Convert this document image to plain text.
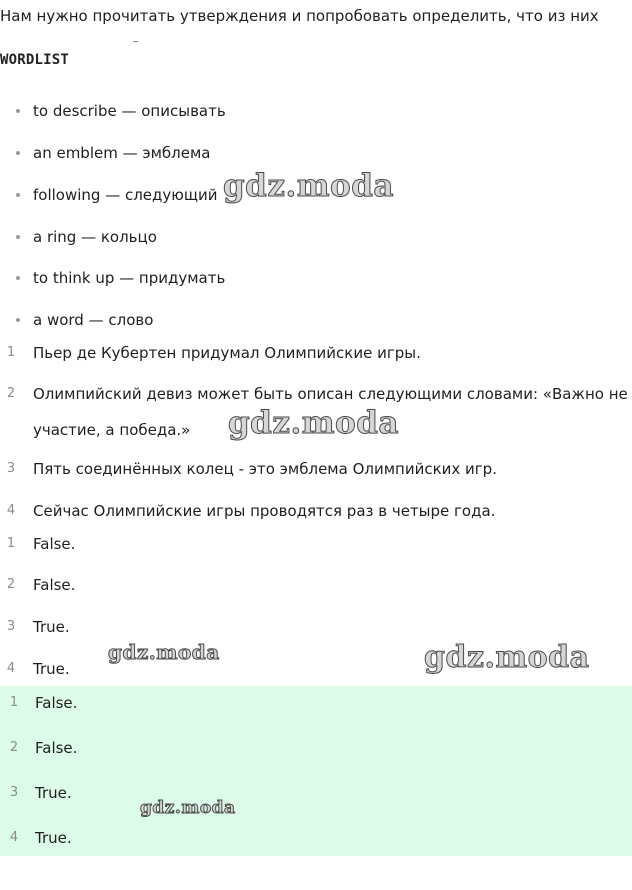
Нам нужно прочитать утверждения и попробовать определить, что из них
WORDLIST
to describe — описывать
an emblem — эмблема
following — следующий
a ring — кольцо
to think up — придумать
a word — слово
1	Пьер де Кубертен придумал Олимпийские игры.
2	Олимпийский девиз может быть описан следующими словами: «Важно не участие, а победа.»
3	Пять соединённых колец - это эмблема Олимпийских игр.
4	Сейчас Олимпийские игры проводятся раз в четыре года.
1	False.
2	False.
3	True.
4	True.
1	False.
2	False.
3	True.
4	True.
gdz.moda
gdz.moda
gdz.moda	gdz.moda
gdz.moda
